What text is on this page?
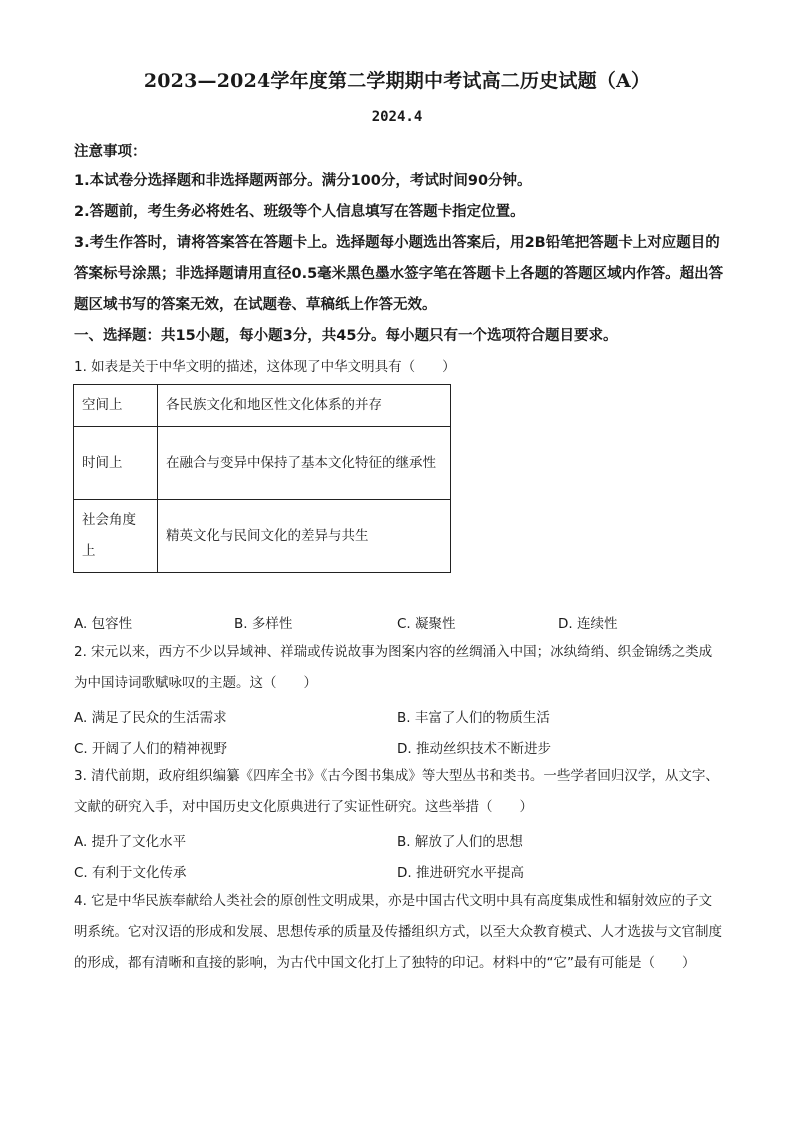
2023—2024学年度第二学期期中考试高二历史试题（A）
2024.4
注意事项：
1.本试卷分选择题和非选择题两部分。满分100分，考试时间90分钟。
2.答题前，考生务必将姓名、班级等个人信息填写在答题卡指定位置。
3.考生作答时，请将答案答在答题卡上。选择题每小题选出答案后，用2B铅笔把答题卡上对应题目的答案标号涂黑；非选择题请用直径0.5毫米黑色墨水签字笔在答题卡上各题的答题区域内作答。超出答题区域书写的答案无效，在试题卷、草稿纸上作答无效。
一、选择题：共15小题，每小题3分，共45分。每小题只有一个选项符合题目要求。
1. 如表是关于中华文明的描述，这体现了中华文明具有（　　）
空间上	各民族文化和地区性文化体系的并存
时间上	在融合与变异中保持了基本文化特征的继承性
社会角度上	精英文化与民间文化的差异与共生
A. 包容性	B. 多样性	C. 凝聚性	D. 连续性
2. 宋元以来，西方不少以异域神、祥瑞或传说故事为图案内容的丝绸涌入中国；冰纨绮绡、织金锦绣之类成为中国诗词歌赋咏叹的主题。这（　　）
A. 满足了民众的生活需求	B. 丰富了人们的物质生活
C. 开阔了人们的精神视野	D. 推动丝织技术不断进步
3. 清代前期，政府组织编纂《四库全书》《古今图书集成》等大型丛书和类书。一些学者回归汉学，从文字、文献的研究入手，对中国历史文化原典进行了实证性研究。这些举措（　　）
A. 提升了文化水平	B. 解放了人们的思想
C. 有利于文化传承	D. 推进研究水平提高
4. 它是中华民族奉献给人类社会的原创性文明成果，亦是中国古代文明中具有高度集成性和辐射效应的子文明系统。它对汉语的形成和发展、思想传承的质量及传播组织方式，以至大众教育模式、人才选拔与文官制度的形成，都有清晰和直接的影响，为古代中国文化打上了独特的印记。材料中的“它”最有可能是（　　）
